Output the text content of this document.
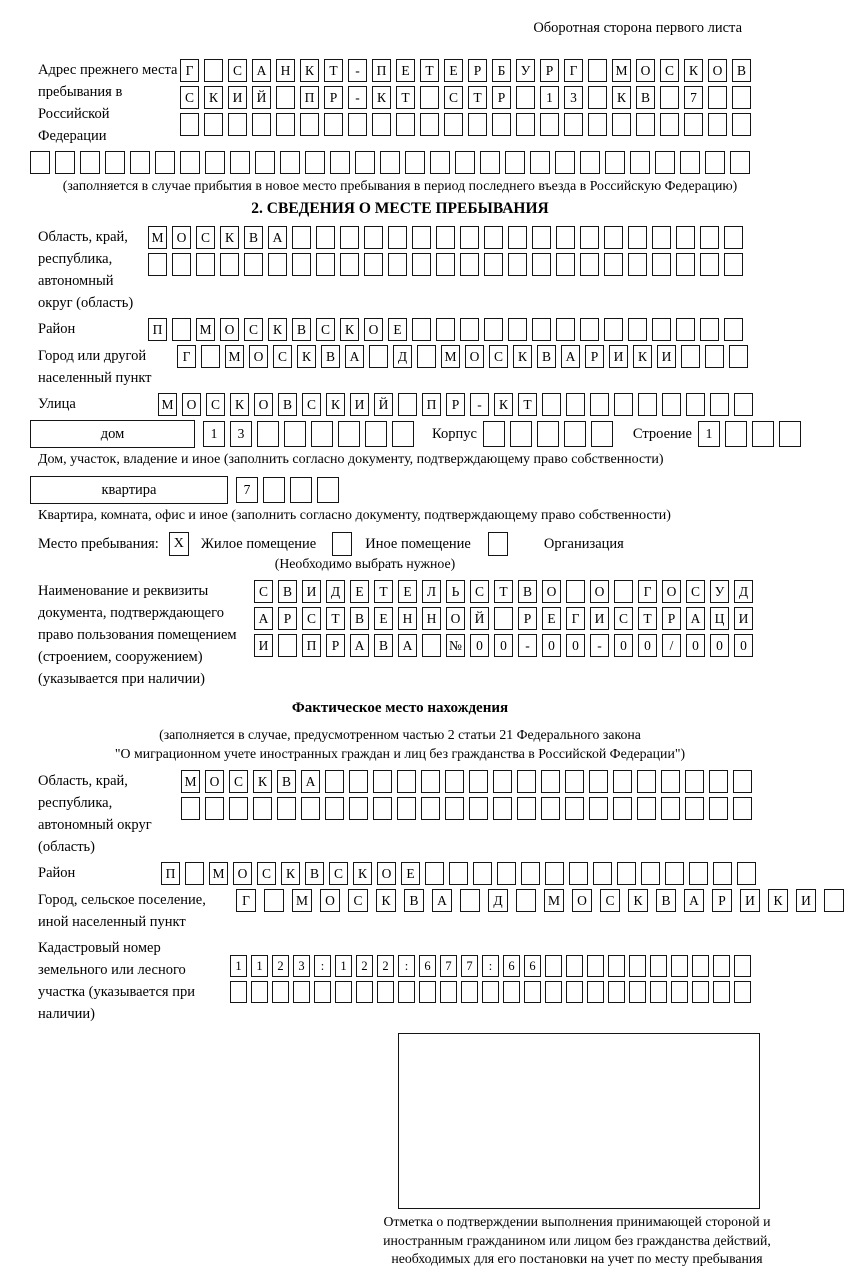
Оборотная сторона первого листа
Адрес прежнего места пребывания в Российской Федерации
Г	С	А	Н	К	Т	-	П	Е	Т	Е	Р	Б	У	Р	Г	М О	С	К	О	В
С	К	И	Й	П	Р	-	К	Т	С	Т	Р	1	3	К	В	7
(заполняется в случае прибытия в новое место пребывания в период последнего въезда в Российскую Федерацию)
2. СВЕДЕНИЯ О МЕСТЕ ПРЕБЫВАНИЯ
Область, край, республика, автономный округ (область)
М О	С	К	В	А
Район	П	М О	С	К	В	С	К	О	Е
Город или другой населенный пункт
Г	М О	С	К	В	А	Д	М О	С	К	В	А	Р	И	К	И
Улица	М О	С	К	О	В	С	К	И	Й	П	Р	-	К	Т
дом	1	3	Корпус	Строение	1
Дом, участок, владение и иное (заполнить согласно документу, подтверждающему право собственности)
квартира	7
Квартира, комната, офис и иное (заполнить согласно документу, подтверждающему право собственности)
Место пребывания:	X	Жилое помещение	Иное помещение	Организация
(Необходимо выбрать нужное)
Наименование и реквизиты документа, подтверждающего право пользования помещением (строением, сооружением) (указывается при наличии)
С	В	И	Д	Е	Т	Е	Л	Ь	С	Т	В	О	О	Г	О	С	У	Д
А	Р	С	Т	В	Е	Н	Н	О	Й	Р	Е	Г	И	С	Т	Р	А	Ц	И
И	П	Р	А	В	А	№	0	0	-	0	0	-	0	0	/	0	0	0
Фактическое место нахождения
(заполняется в случае, предусмотренном частью 2 статьи 21 Федерального закона
"О миграционном учете иностранных граждан и лиц без гражданства в Российской Федерации")
Область, край, республика, автономный округ (область)
М О	С	К	В	А
Район	П	М О	С	К	В	С	К	О	Е
Город, сельское поселение, иной населенный пункт
Г	М	О	С	К	В	А	Д	М	О	С	К	В	А	Р	И	К	И
Кадастровый номер земельного или лесного участка (указывается при наличии)
1	1	2	3	:	1	2	2	:	6	7	7	:	6	6
Отметка о подтверждении выполнения принимающей стороной и иностранным гражданином или лицом без гражданства действий, необходимых для его постановки на учет по месту пребывания
